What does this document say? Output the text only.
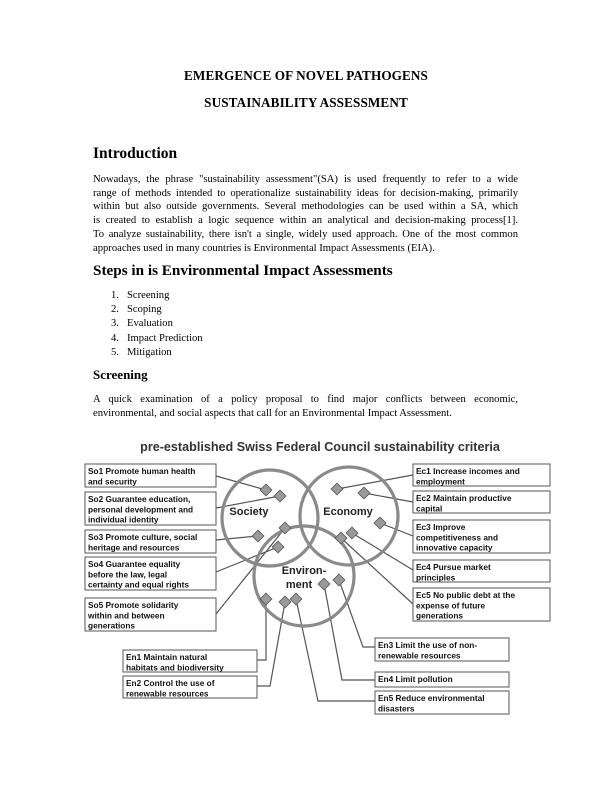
EMERGENCE OF NOVEL PATHOGENS
SUSTAINABILITY ASSESSMENT
Introduction

Nowadays, the phrase "sustainability assessment"(SA) is used frequently to refer to a wide
range of methods intended to operationalize sustainability ideas for decision-making, primarily
within but also outside governments. Several methodologies can be used within a SA, which
is created to establish a logic sequence within an analytical and decision-making process[1].
To analyze sustainability, there isn't a single, widely used approach. One of the most common
approaches used in many countries is Environmental Impact Assessments (EIA).

Steps in is Environmental Impact Assessments
1. Screening
2. Scoping
3. Evaluation
4. Impact Prediction
5. Mitigation
Screening

A quick examination of a policy proposal to find major conflicts between economic,
environmental, and social aspects that call for an Environmental Impact Assessment.

So1 Promote human health
and security
So2 Guarantee education,
personal development and
individual identity
So3 Promote culture, social
heritage and resources
So4 Guarantee equality
before the law, legal
certainty and equal rights
So5 Promote solidarity
within and between
generations
Ec1 Increase incomes and
employment
Ec2 Maintain productive
capital
Ec3 Improve
competitiveness and
innovative capacity
Ec4 Pursue market
principles
Ec5 No public debt at the
expense of future
generations
En1 Maintain natural
habitats and biodiversity
En2 Control the use of
renewable resources
En3 Limit the use of non-
renewable resources
En4 Limit pollution
En5 Reduce environmental
disasters
pre-established Swiss Federal Council sustainability criteria
Society	Economy
Environ-
ment
